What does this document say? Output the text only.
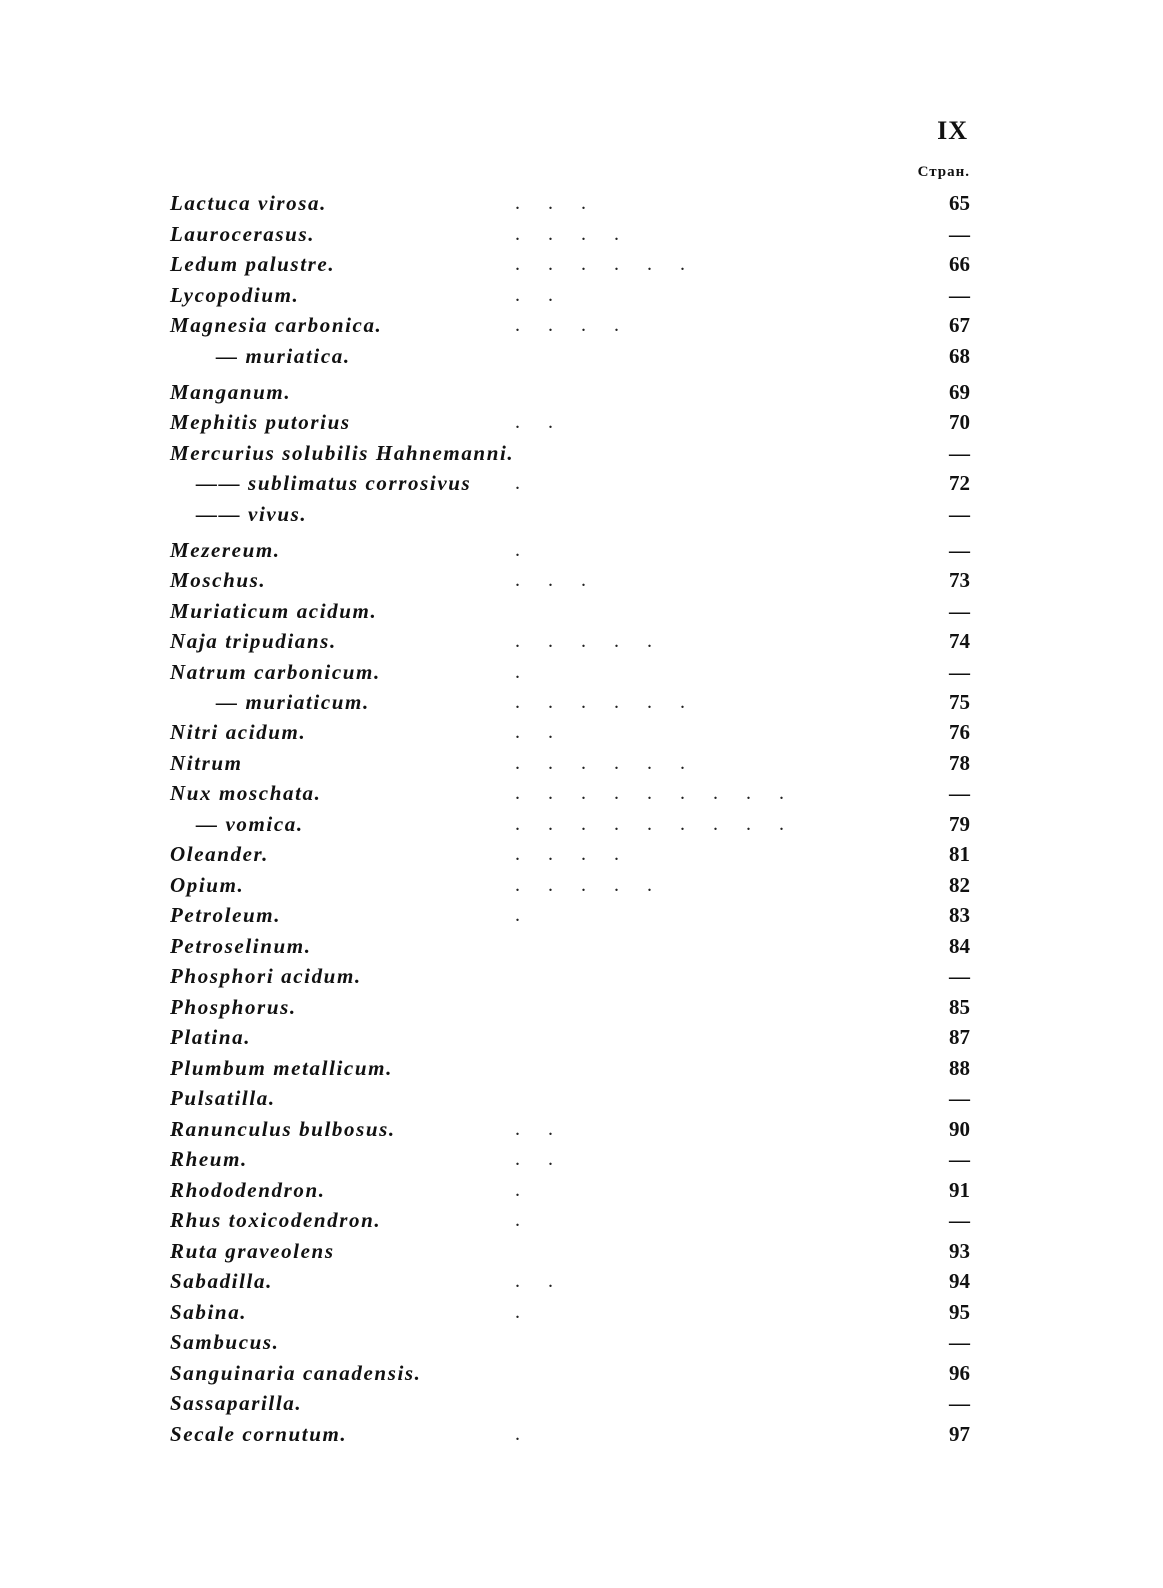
IX
Стран.
Lactuca virosa.	...	65
Laurocerasus.	....	—
Ledum palustre.	......	66
Lycopodium.	..	—
Magnesia carbonica.	....	67
— muriatica.	68
Manganum.	69
Mephitis putorius	..	70
Mercurius solubilis Hahnemanni.	—
—— sublimatus corrosivus .	72
—— vivus.	—
Mezereum.	.	—
Moschus.	...	73
Muriaticum acidum.	—
Naja tripudians.	.....	74
Natrum carbonicum.	.	—
— muriaticum.	......	75
Nitri acidum.	..	76
Nitrum	......	78
Nux moschata.	.........	—
— vomica.	.........	79
Oleander.	....	81
Opium.	.....	82
Petroleum.	.	83
Petroselinum.	84
Phosphori acidum.	—
Phosphorus.	85
Platina.	87
Plumbum metallicum.	88
Pulsatilla.	—
Ranunculus bulbosus.	..	90
Rheum.	..	—
Rhododendron.	.	91
Rhus toxicodendron.	.	—
Ruta graveolens	93
Sabadilla.	..	94
Sabina.	.	95
Sambucus.	—
Sanguinaria canadensis.	96
Sassaparilla.	—
Secale cornutum.	.	97
